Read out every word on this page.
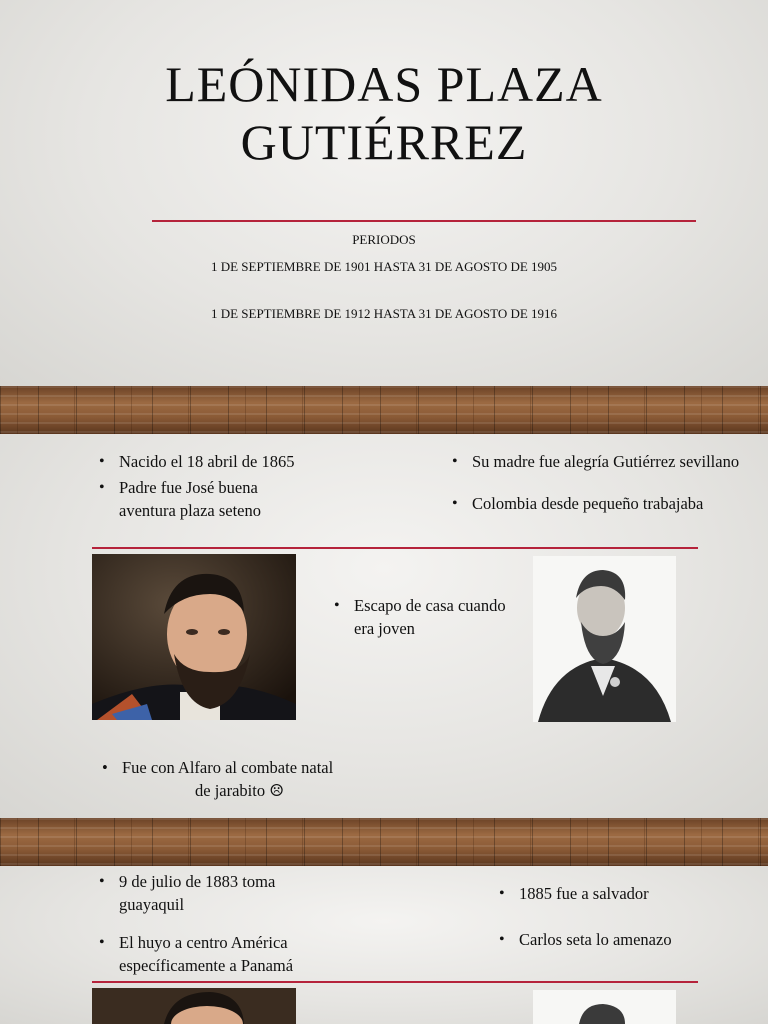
LEÓNIDAS PLAZA
GUTIÉRREZ
PERIODOS
1 DE SEPTIEMBRE DE 1901 HASTA 31 DE AGOSTO DE 1905
1 DE SEPTIEMBRE DE 1912 HASTA 31 DE AGOSTO DE 1916
• Nacido el 18 abril de 1865
• Padre fue José buena aventura plaza seteno
• Su madre fue alegría Gutiérrez sevillano
• Colombia desde pequeño trabajaba
• Escapo de casa cuando era joven
• Fue con Alfaro al combate natal
de jarabito ☹
• 9 de julio de 1883 toma guayaquil
• El huyo a centro América específicamente a Panamá
• 1885 fue a salvador
• Carlos seta lo amenazo
